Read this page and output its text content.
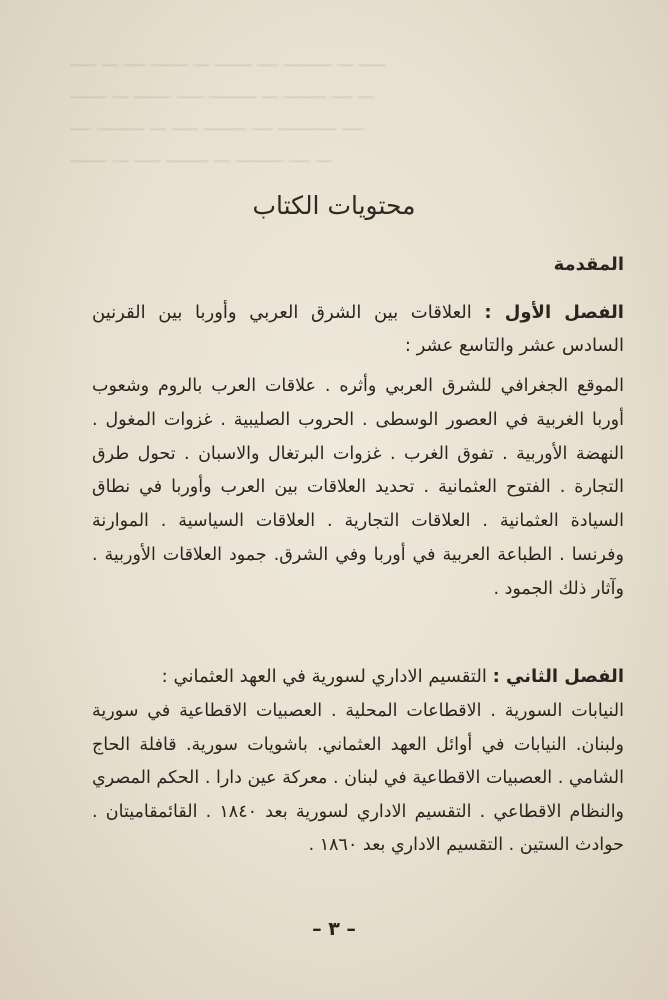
ـــــ ـــ ــــ ـــــــ ـــ ـــــــ ــــ ـــــــــ ـــ ـــــ
ـــــــ ـــ ـــــــ ـــــ ـــــــــ ـــ ــــــــ ــــ ـــ
ــــ ـــــــــ ـــ ـــــ ــــــــ ــــ ـــــــــــ ــــ
ـــــــ ـــ ـــــ ــــــــ ـــ ـــــــــ ــــ ـــ
محتويات الكتاب
المقدمة
الفصل الأول : العلاقات بين الشرق العربي وأوربا بين القرنين السادس عشر والتاسع عشر :
الموقع الجغرافي للشرق العربي وأثره . علاقات العرب بالروم وشعوب أوربا الغربية في العصور الوسطى . الحروب الصليبية . غزوات المغول . النهضة الأوربية . تفوق الغرب . غزوات البرتغال والاسبان . تحول طرق التجارة . الفتوح العثمانية . تحديد العلاقات بين العرب وأوربا في نطاق السيادة العثمانية . العلاقات التجارية . العلاقات السياسية . الموارنة وفرنسا . الطباعة العربية في أوربا وفي الشرق. جمود العلاقات الأوربية . وآثار ذلك الجمود .
الفصل الثاني : التقسيم الاداري لسورية في العهد العثماني :
النيابات السورية . الاقطاعات المحلية . العصبيات الاقطاعية في سورية ولبنان. النيابات في أوائل العهد العثماني. باشويات سورية. قافلة الحاج الشامي . العصبيات الاقطاعية في لبنان . معركة عين دارا . الحكم المصري والنظام الاقطاعي . التقسيم الاداري لسورية بعد ١٨٤٠ . القائمقاميتان . حوادث الستين . التقسيم الاداري بعد ١٨٦٠ .
– ٣ –
